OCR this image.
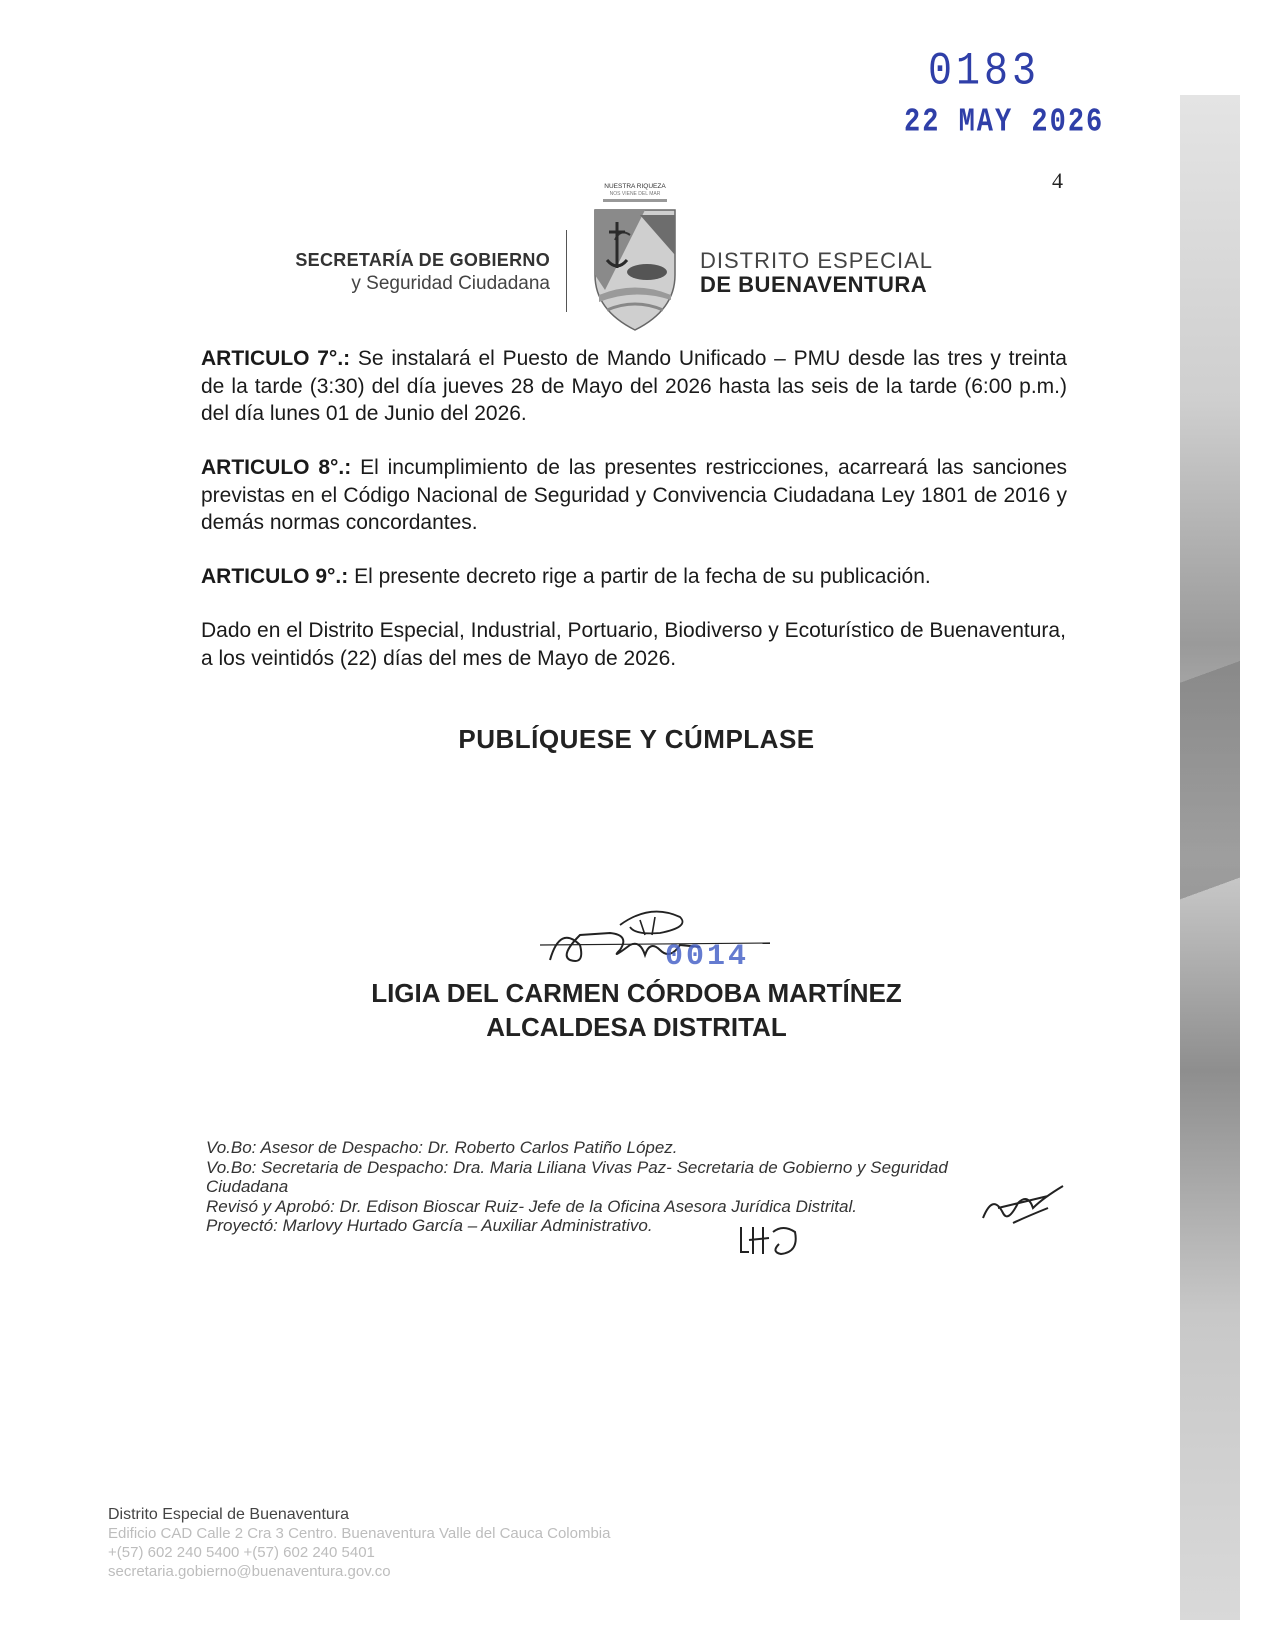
0183
22 MAY 2026
4
SECRETARÍA DE GOBIERNO
y Seguridad Ciudadana
NUESTRA RIQUEZA
NOS VIENE DEL MAR
DISTRITO ESPECIAL
DE BUENAVENTURA
ARTICULO 7°.: Se instalará el Puesto de Mando Unificado – PMU desde las tres y treinta de la tarde (3:30) del día jueves 28 de Mayo del 2026 hasta las seis de la tarde (6:00 p.m.) del día lunes 01 de Junio del 2026.
ARTICULO 8°.: El incumplimiento de las presentes restricciones, acarreará las sanciones previstas en el Código Nacional de Seguridad y Convivencia Ciudadana Ley 1801 de 2016 y demás normas concordantes.
ARTICULO 9°.: El presente decreto rige a partir de la fecha de su publicación.
Dado en el Distrito Especial, Industrial, Portuario, Biodiverso y Ecoturístico de Buenaventura, a los veintidós (22) días del mes de Mayo de 2026.
PUBLÍQUESE Y CÚMPLASE
0014
LIGIA DEL CARMEN CÓRDOBA MARTÍNEZ
ALCALDESA DISTRITAL
Vo.Bo: Asesor de Despacho: Dr. Roberto Carlos Patiño López.
Vo.Bo: Secretaria de Despacho: Dra. Maria Liliana Vivas Paz- Secretaria de Gobierno y Seguridad
Ciudadana
Revisó y Aprobó: Dr. Edison Bioscar Ruiz- Jefe de la Oficina Asesora Jurídica Distrital.
Proyectó: Marlovy Hurtado García – Auxiliar Administrativo.
Distrito Especial de Buenaventura
Edificio CAD Calle 2 Cra 3 Centro. Buenaventura Valle del Cauca Colombia
+(57) 602 240 5400 +(57) 602 240 5401
secretaria.gobierno@buenaventura.gov.co
